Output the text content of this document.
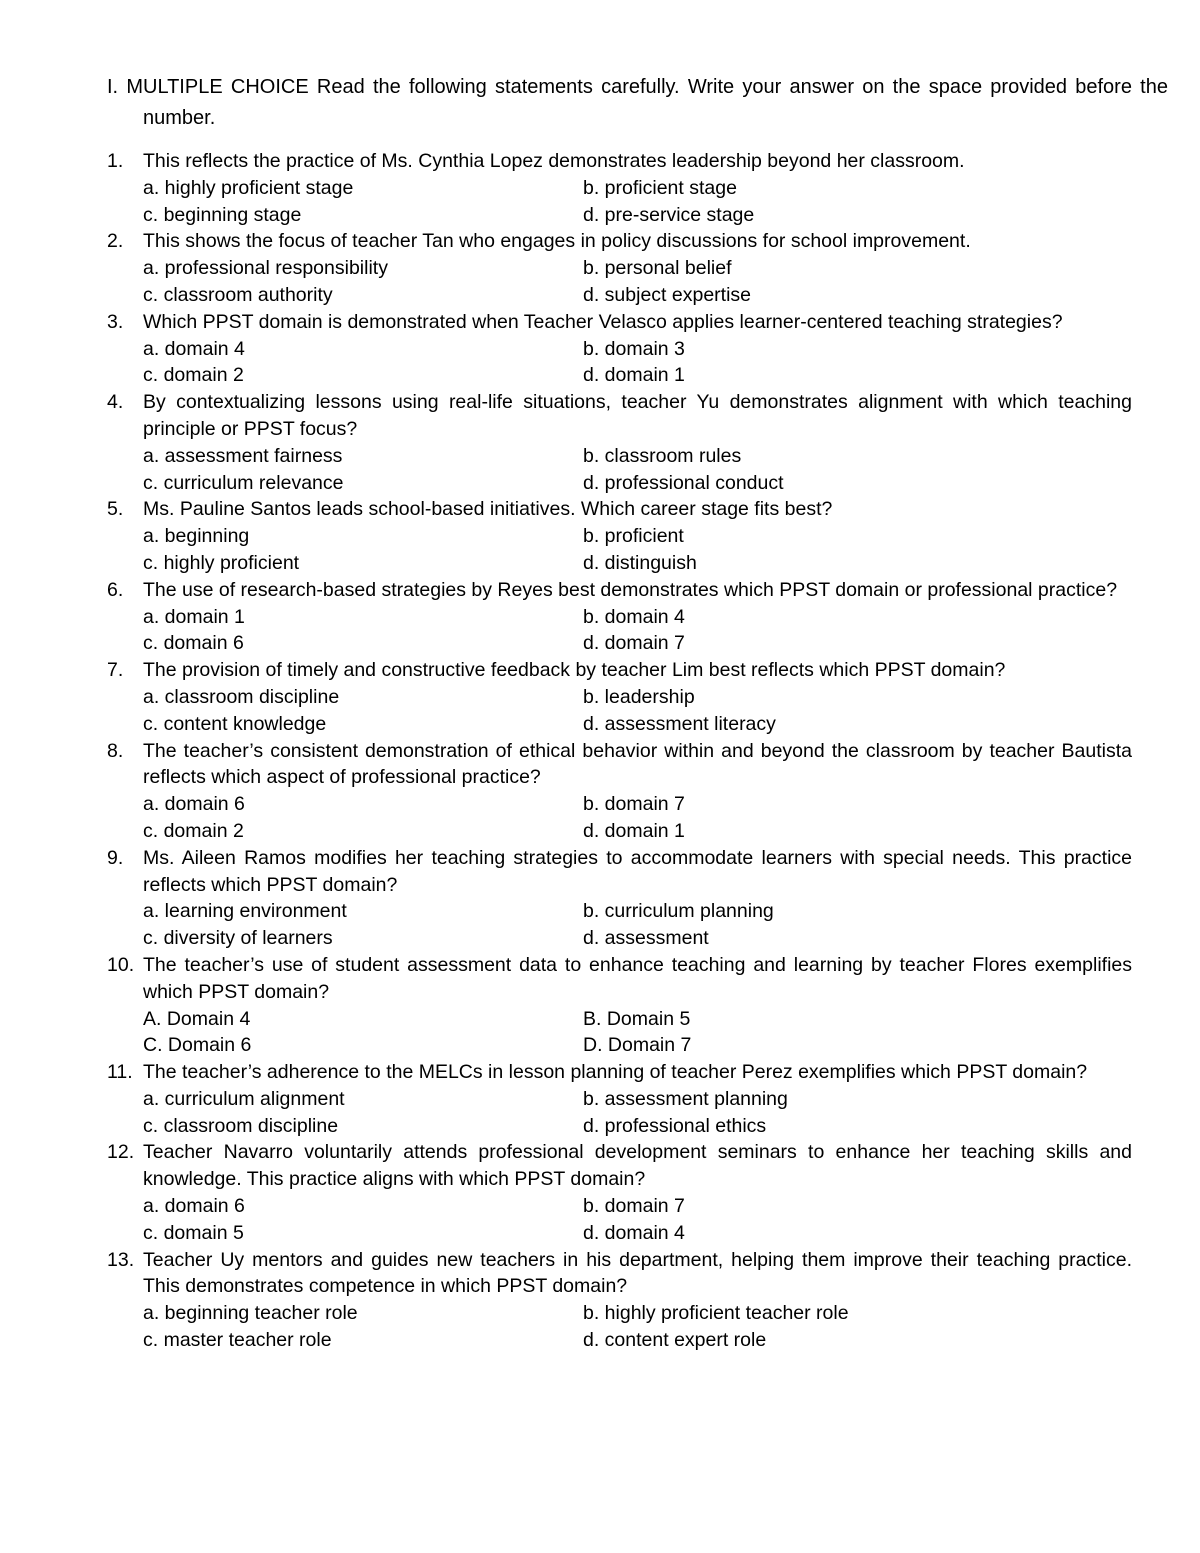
I. MULTIPLE CHOICE Read the following statements carefully. Write your answer on the space provided before the number.
1. This reflects the practice of Ms. Cynthia Lopez demonstrates leadership beyond her classroom.
a. highly proficient stage	b. proficient stage
c. beginning stage	d. pre-service stage
2. This shows the focus of teacher Tan who engages in policy discussions for school improvement.
a. professional responsibility	b. personal belief
c. classroom authority	d. subject expertise
3. Which PPST domain is demonstrated when Teacher Velasco applies learner-centered teaching strategies?
a. domain 4	b. domain 3
c. domain 2	d. domain 1
4. By contextualizing lessons using real-life situations, teacher Yu demonstrates alignment with which teaching principle or PPST focus?
a. assessment fairness	b. classroom rules
c. curriculum relevance	d. professional conduct
5. Ms. Pauline Santos leads school-based initiatives. Which career stage fits best?
a. beginning	b. proficient
c. highly proficient	d. distinguish
6. The use of research-based strategies by Reyes best demonstrates which PPST domain or professional practice?
a. domain 1	b. domain 4
c. domain 6	d. domain 7
7. The provision of timely and constructive feedback by teacher Lim best reflects which PPST domain?
a. classroom discipline	b. leadership
c. content knowledge	d. assessment literacy
8. The teacher’s consistent demonstration of ethical behavior within and beyond the classroom by teacher Bautista reflects which aspect of professional practice?
a. domain 6	b. domain 7
c. domain 2	d. domain 1
9. Ms. Aileen Ramos modifies her teaching strategies to accommodate learners with special needs. This practice reflects which PPST domain?
a. learning environment	b. curriculum planning
c. diversity of learners	d. assessment
10. The teacher’s use of student assessment data to enhance teaching and learning by teacher Flores exemplifies which PPST domain?
A. Domain 4	B. Domain 5
C. Domain 6	D. Domain 7
11. The teacher’s adherence to the MELCs in lesson planning of teacher Perez exemplifies which PPST domain?
a. curriculum alignment	b. assessment planning
c. classroom discipline	d. professional ethics
12. Teacher Navarro voluntarily attends professional development seminars to enhance her teaching skills and knowledge. This practice aligns with which PPST domain?
a. domain 6	b. domain 7
c. domain 5	d. domain 4
13. Teacher Uy mentors and guides new teachers in his department, helping them improve their teaching practice. This demonstrates competence in which PPST domain?
a. beginning teacher role	b. highly proficient teacher role
c. master teacher role	d. content expert role
